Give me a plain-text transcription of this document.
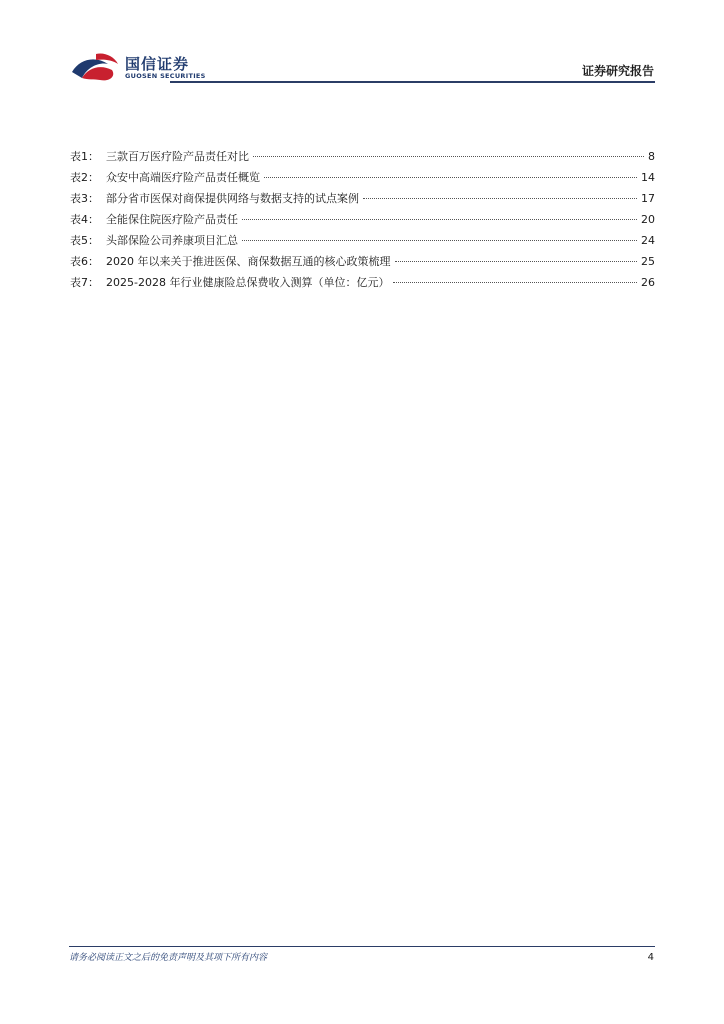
国信证券
GUOSEN SECURITIES	证券研究报告
表1： 三款百万医疗险产品责任对比	8
表2： 众安中高端医疗险产品责任概览	14
表3： 部分省市医保对商保提供网络与数据支持的试点案例	17
表4： 全能保住院医疗险产品责任	20
表5： 头部保险公司养康项目汇总	24
表6： 2020 年以来关于推进医保、商保数据互通的核心政策梳理	25
表7： 2025-2028 年行业健康险总保费收入测算（单位：亿元）	26
请务必阅读正文之后的免责声明及其项下所有内容	4
